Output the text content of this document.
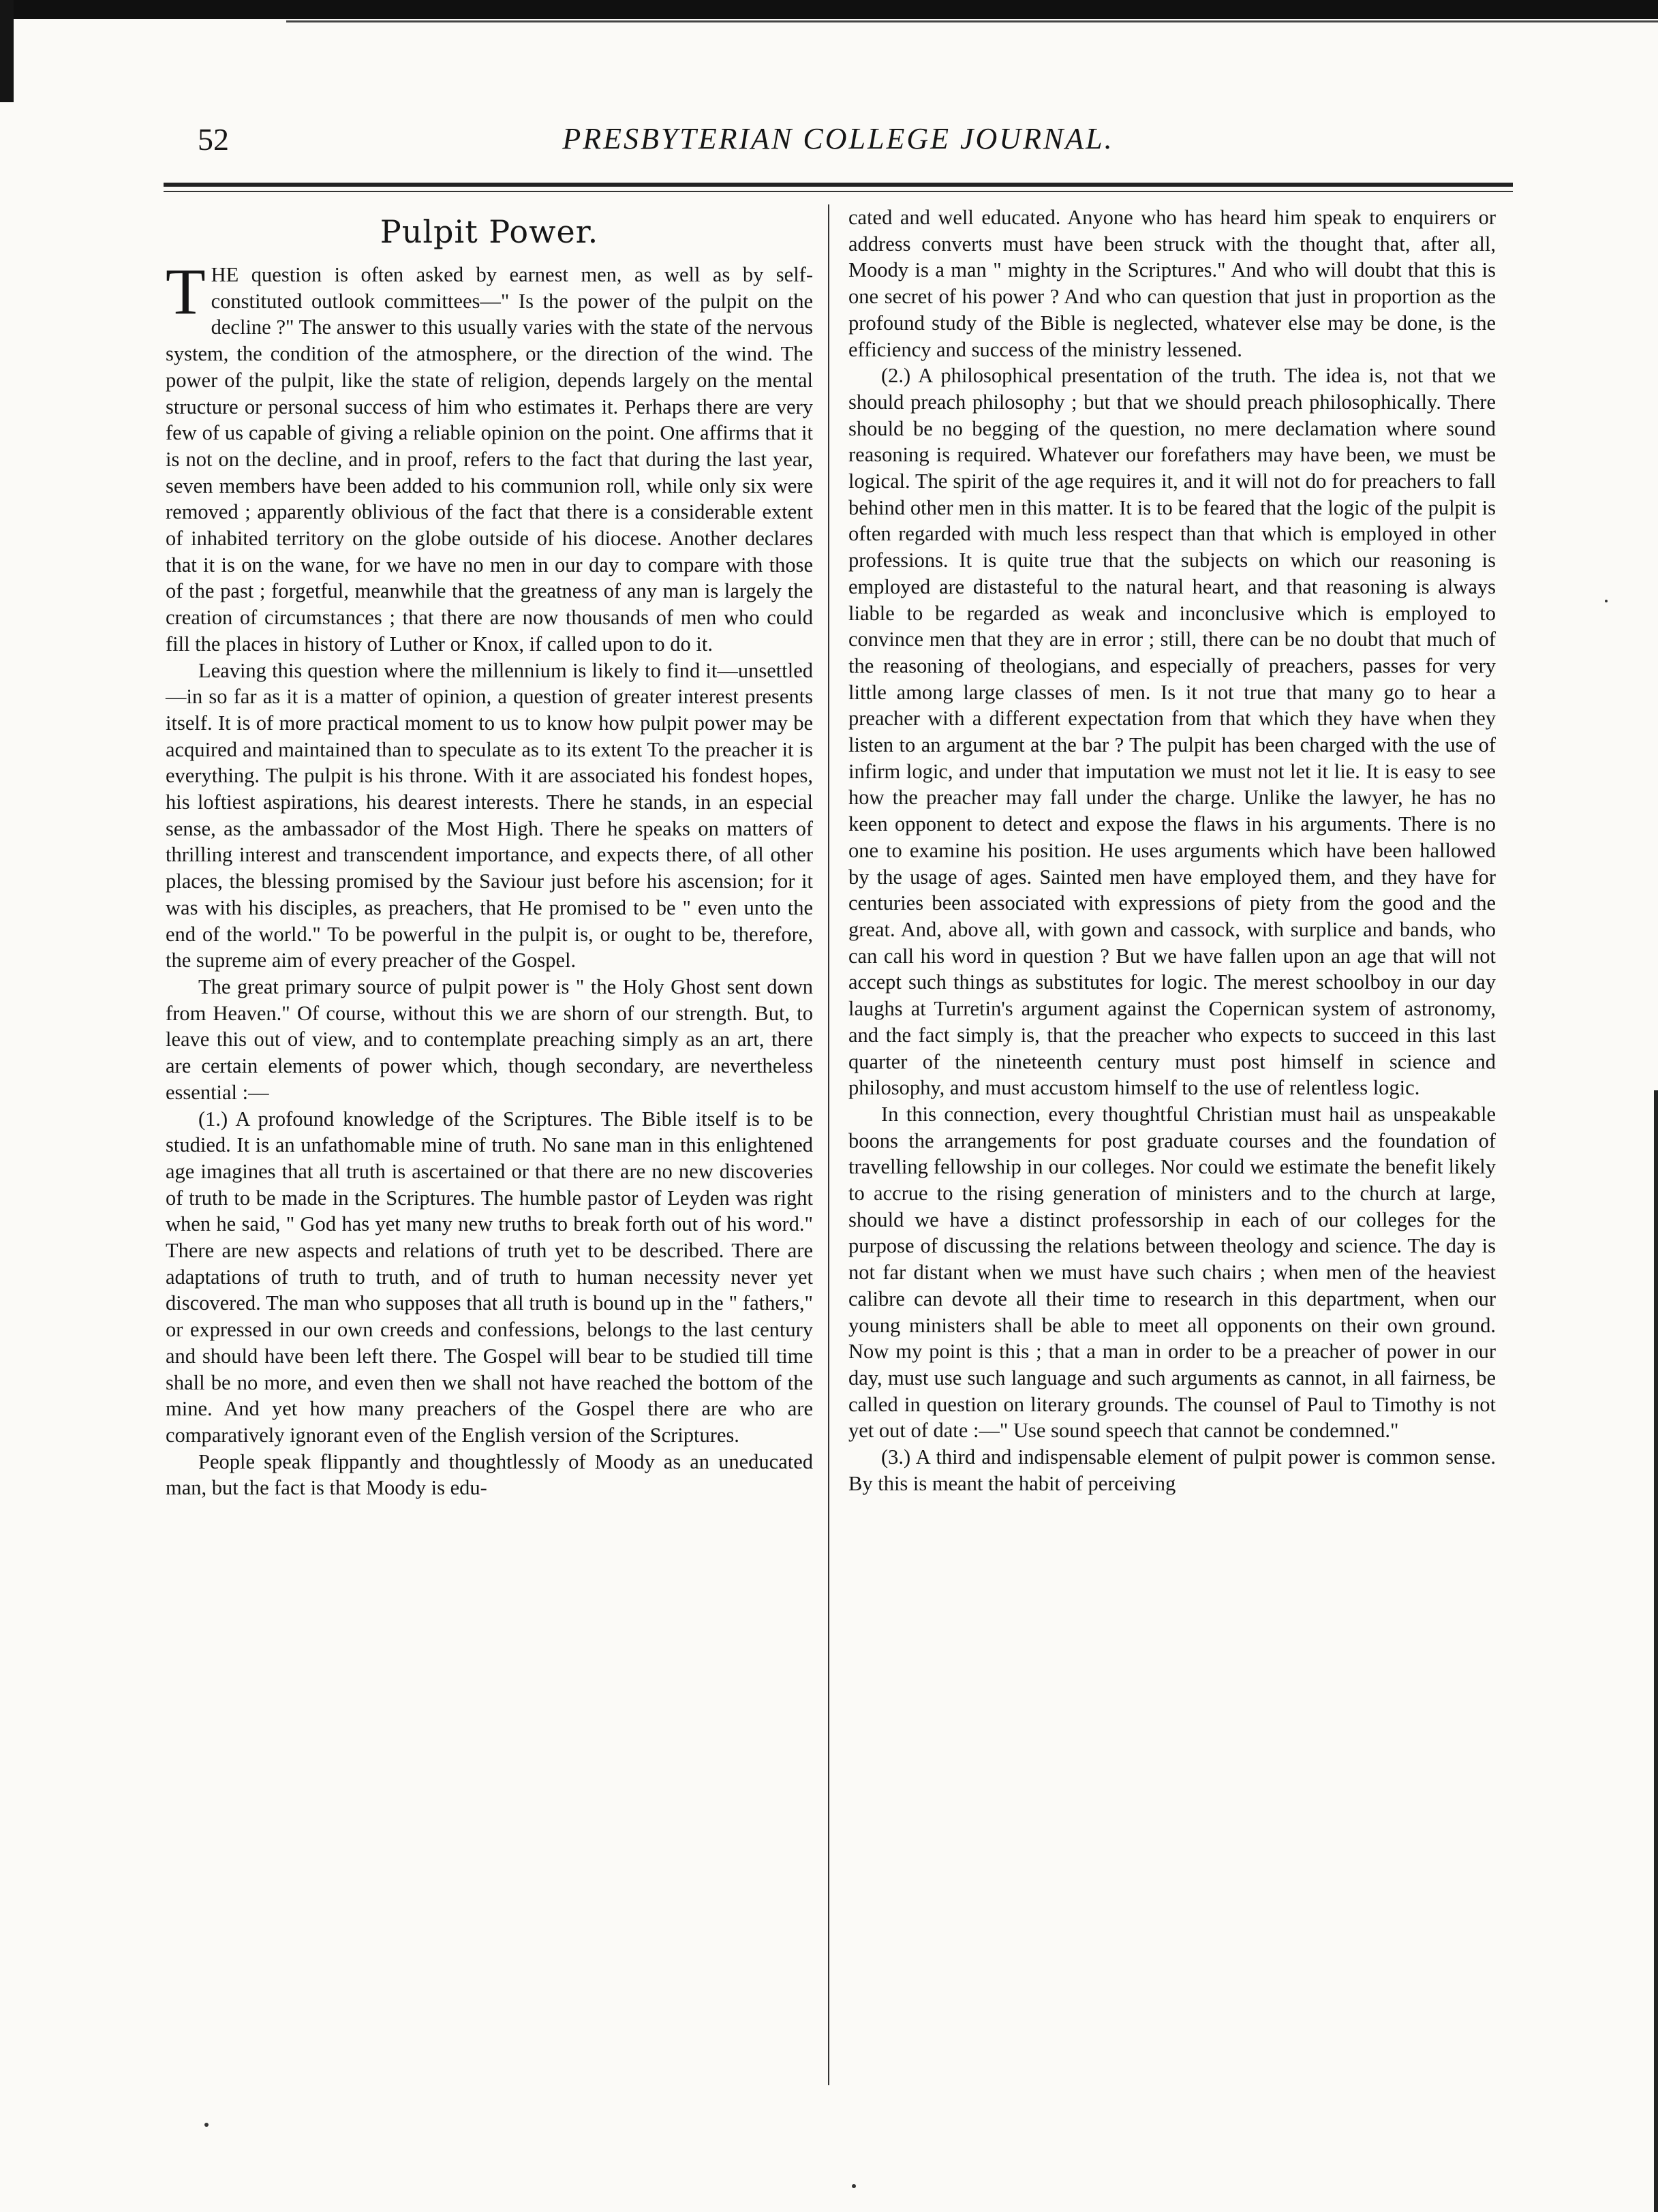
52	PRESBYTERIAN COLLEGE JOURNAL.
Pulpit Power.

THE question is often asked by earnest men, as well as by self-constituted outlook committees—" Is the power of the pulpit on the decline ?" The answer to this usually varies with the state of the nervous system, the condition of the atmosphere, or the direction of the wind. The power of the pulpit, like the state of religion, depends largely on the mental structure or personal success of him who estimates it. Perhaps there are very few of us capable of giving a reliable opinion on the point. One affirms that it is not on the decline, and in proof, refers to the fact that during the last year, seven members have been added to his communion roll, while only six were removed ; apparently oblivious of the fact that there is a considerable extent of inhabited territory on the globe outside of his diocese. Another declares that it is on the wane, for we have no men in our day to compare with those of the past ; forgetful, meanwhile that the greatness of any man is largely the creation of circumstances ; that there are now thousands of men who could fill the places in history of Luther or Knox, if called upon to do it.

Leaving this question where the millennium is likely to find it—unsettled—in so far as it is a matter of opinion, a question of greater interest presents itself. It is of more practical moment to us to know how pulpit power may be acquired and maintained than to speculate as to its extent To the preacher it is everything. The pulpit is his throne. With it are associated his fondest hopes, his loftiest aspirations, his dearest interests. There he stands, in an especial sense, as the ambassador of the Most High. There he speaks on matters of thrilling interest and transcendent importance, and expects there, of all other places, the blessing promised by the Saviour just before his ascension; for it was with his disciples, as preachers, that He promised to be " even unto the end of the world." To be powerful in the pulpit is, or ought to be, therefore, the supreme aim of every preacher of the Gospel.

The great primary source of pulpit power is " the Holy Ghost sent down from Heaven." Of course, without this we are shorn of our strength. But, to leave this out of view, and to contemplate preaching simply as an art, there are certain elements of power which, though secondary, are nevertheless essential :—

(1.) A profound knowledge of the Scriptures. The Bible itself is to be studied. It is an unfathomable mine of truth. No sane man in this enlightened age imagines that all truth is ascertained or that there are no new discoveries of truth to be made in the Scriptures. The humble pastor of Leyden was right when he said, " God has yet many new truths to break forth out of his word." There are new aspects and relations of truth yet to be described. There are adaptations of truth to truth, and of truth to human necessity never yet discovered. The man who supposes that all truth is bound up in the " fathers," or expressed in our own creeds and confessions, belongs to the last century and should have been left there. The Gospel will bear to be studied till time shall be no more, and even then we shall not have reached the bottom of the mine. And yet how many preachers of the Gospel there are who are comparatively ignorant even of the English version of the Scriptures.

People speak flippantly and thoughtlessly of Moody as an uneducated man, but the fact is that Moody is edu-

cated and well educated. Anyone who has heard him speak to enquirers or address converts must have been struck with the thought that, after all, Moody is a man " mighty in the Scriptures." And who will doubt that this is one secret of his power ? And who can question that just in proportion as the profound study of the Bible is neglected, whatever else may be done, is the efficiency and success of the ministry lessened.

(2.) A philosophical presentation of the truth. The idea is, not that we should preach philosophy ; but that we should preach philosophically. There should be no begging of the question, no mere declamation where sound reasoning is required. Whatever our forefathers may have been, we must be logical. The spirit of the age requires it, and it will not do for preachers to fall behind other men in this matter. It is to be feared that the logic of the pulpit is often regarded with much less respect than that which is employed in other professions. It is quite true that the subjects on which our reasoning is employed are distasteful to the natural heart, and that reasoning is always liable to be regarded as weak and inconclusive which is employed to convince men that they are in error ; still, there can be no doubt that much of the reasoning of theologians, and especially of preachers, passes for very little among large classes of men. Is it not true that many go to hear a preacher with a different expectation from that which they have when they listen to an argument at the bar ? The pulpit has been charged with the use of infirm logic, and under that imputation we must not let it lie. It is easy to see how the preacher may fall under the charge. Unlike the lawyer, he has no keen opponent to detect and expose the flaws in his arguments. There is no one to examine his position. He uses arguments which have been hallowed by the usage of ages. Sainted men have employed them, and they have for centuries been associated with expressions of piety from the good and the great. And, above all, with gown and cassock, with surplice and bands, who can call his word in question ? But we have fallen upon an age that will not accept such things as substitutes for logic. The merest schoolboy in our day laughs at Turretin's argument against the Copernican system of astronomy, and the fact simply is, that the preacher who expects to succeed in this last quarter of the nineteenth century must post himself in science and philosophy, and must accustom himself to the use of relentless logic.

In this connection, every thoughtful Christian must hail as unspeakable boons the arrangements for post graduate courses and the foundation of travelling fellowship in our colleges. Nor could we estimate the benefit likely to accrue to the rising generation of ministers and to the church at large, should we have a distinct professorship in each of our colleges for the purpose of discussing the relations between theology and science. The day is not far distant when we must have such chairs ; when men of the heaviest calibre can devote all their time to research in this department, when our young ministers shall be able to meet all opponents on their own ground. Now my point is this ; that a man in order to be a preacher of power in our day, must use such language and such arguments as cannot, in all fairness, be called in question on literary grounds. The counsel of Paul to Timothy is not yet out of date :—" Use sound speech that cannot be condemned."

(3.) A third and indispensable element of pulpit power is common sense. By this is meant the habit of perceiving
